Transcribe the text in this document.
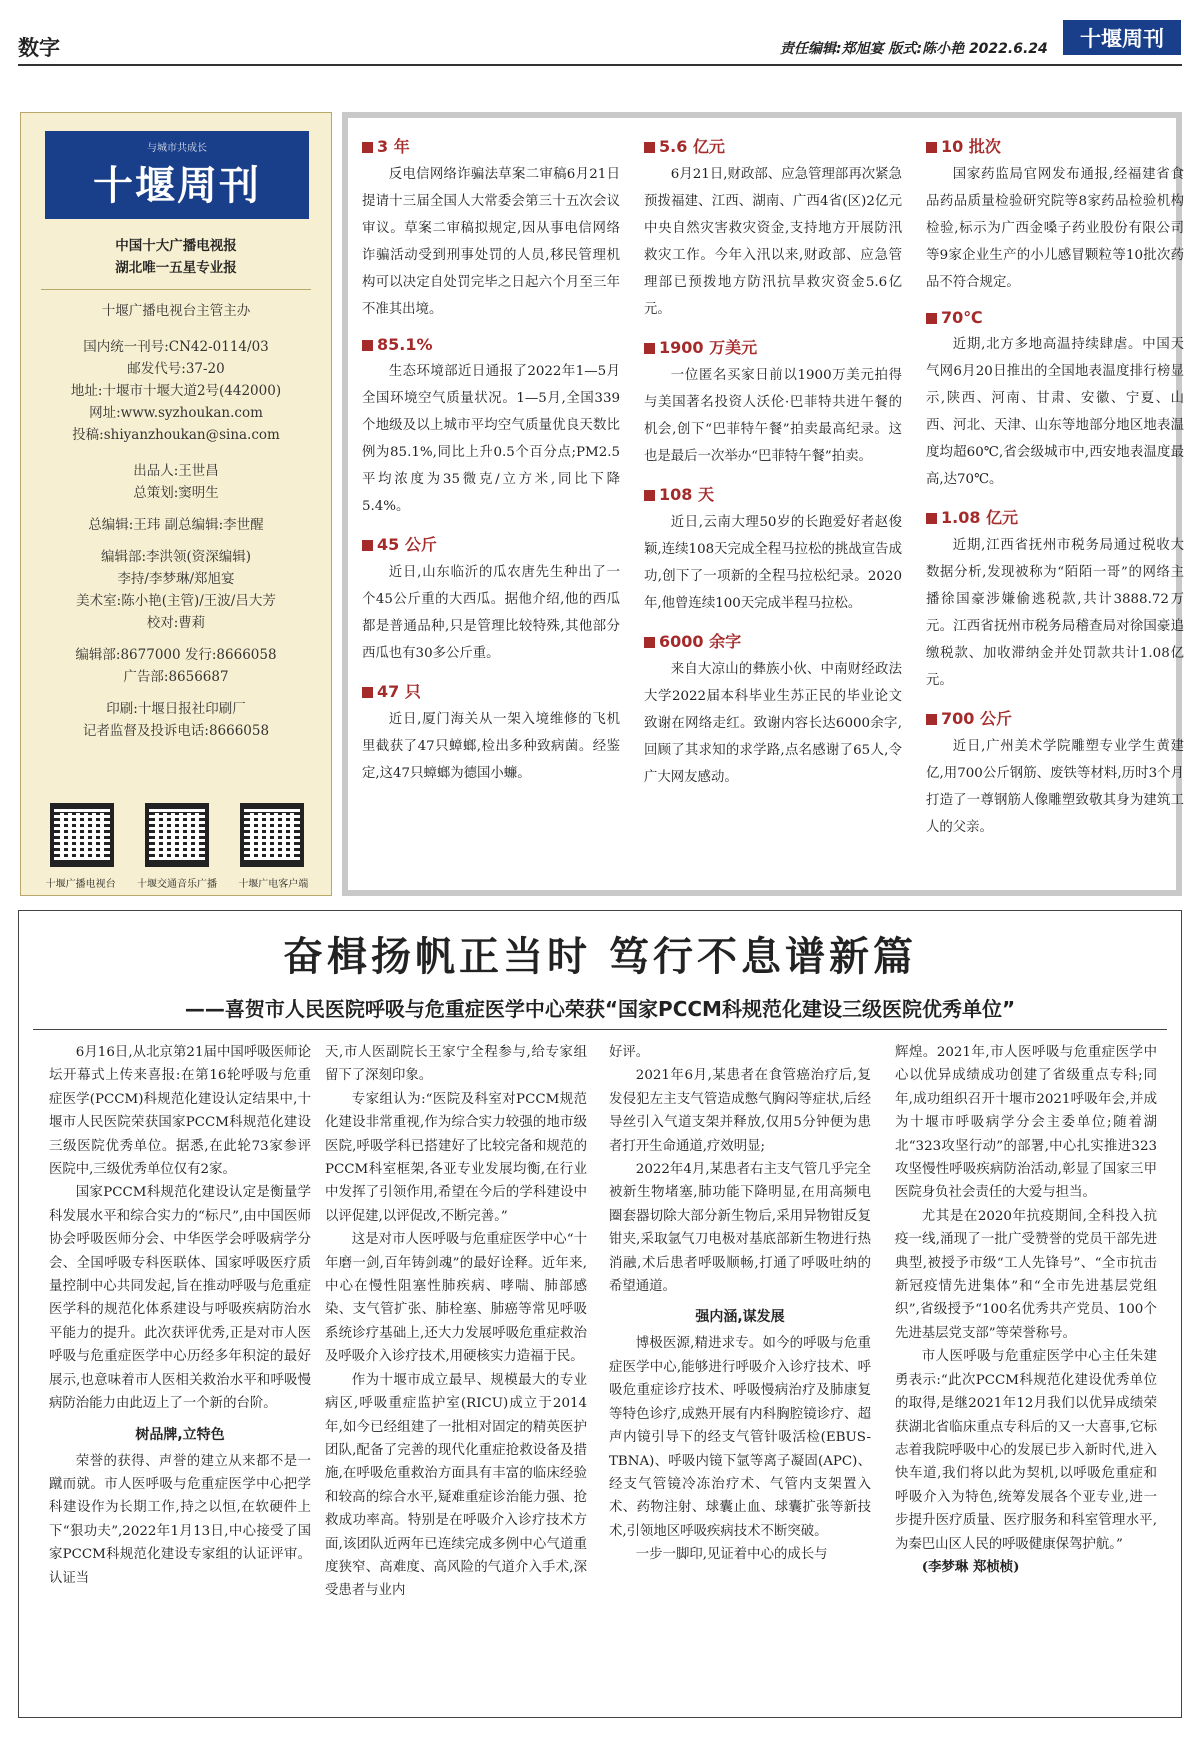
数字	责任编辑:郑旭宴 版式:陈小艳 2022.6.24	十堰周刊
与城市共成长
十堰周刊

中国十大广播电视报

湖北唯一五星专业报

十堰广播电视台主管主办

国内统一刊号:CN42-0114/03

邮发代号:37-20

地址:十堰市十堰大道2号(442000)

网址:www.syzhoukan.com

投稿:shiyanzhoukan@sina.com

出品人:王世昌

总策划:窦明生

总编辑:王玮 副总编辑:李世醒

编辑部:李洪领(资深编辑)

李持/李梦琳/郑旭宴

美术室:陈小艳(主管)/王波/吕大芳

校对:曹莉

编辑部:8677000 发行:8666058

广告部:8656687

印刷:十堰日报社印刷厂

记者监督及投诉电话:8666058

十堰广播电视台 十堰交通音乐广播 十堰广电客户端
3 年

反电信网络诈骗法草案二审稿6月21日提请十三届全国人大常委会第三十五次会议审议。草案二审稿拟规定,因从事电信网络诈骗活动受到刑事处罚的人员,移民管理机构可以决定自处罚完毕之日起六个月至三年不准其出境。

85.1%

生态环境部近日通报了2022年1—5月全国环境空气质量状况。1—5月,全国339个地级及以上城市平均空气质量优良天数比例为85.1%,同比上升0.5个百分点;PM2.5平均浓度为35微克/立方米,同比下降5.4%。

45 公斤

近日,山东临沂的瓜农唐先生种出了一个45公斤重的大西瓜。据他介绍,他的西瓜都是普通品种,只是管理比较特殊,其他部分西瓜也有30多公斤重。

47 只

近日,厦门海关从一架入境维修的飞机里截获了47只蟑螂,检出多种致病菌。经鉴定,这47只蟑螂为德国小蠊。

5.6 亿元

6月21日,财政部、应急管理部再次紧急预拨福建、江西、湖南、广西4省(区)2亿元中央自然灾害救灾资金,支持地方开展防汛救灾工作。今年入汛以来,财政部、应急管理部已预拨地方防汛抗旱救灾资金5.6亿元。

1900 万美元

一位匿名买家日前以1900万美元拍得与美国著名投资人沃伦·巴菲特共进午餐的机会,创下“巴菲特午餐”拍卖最高纪录。这也是最后一次举办“巴菲特午餐”拍卖。

108 天

近日,云南大理50岁的长跑爱好者赵俊颖,连续108天完成全程马拉松的挑战宣告成功,创下了一项新的全程马拉松纪录。2020年,他曾连续100天完成半程马拉松。

6000 余字

来自大凉山的彝族小伙、中南财经政法大学2022届本科毕业生苏正民的毕业论文致谢在网络走红。致谢内容长达6000余字,回顾了其求知的求学路,点名感谢了65人,令广大网友感动。

10 批次

国家药监局官网发布通报,经福建省食品药品质量检验研究院等8家药品检验机构检验,标示为广西金嗓子药业股份有限公司等9家企业生产的小儿感冒颗粒等10批次药品不符合规定。

70℃

近期,北方多地高温持续肆虐。中国天气网6月20日推出的全国地表温度排行榜显示,陕西、河南、甘肃、安徽、宁夏、山西、河北、天津、山东等地部分地区地表温度均超60℃,省会级城市中,西安地表温度最高,达70℃。

1.08 亿元

近期,江西省抚州市税务局通过税收大数据分析,发现被称为“陌陌一哥”的网络主播徐国豪涉嫌偷逃税款,共计3888.72万元。江西省抚州市税务局稽查局对徐国豪追缴税款、加收滞纳金并处罚款共计1.08亿元。

700 公斤

近日,广州美术学院雕塑专业学生黄建亿,用700公斤钢筋、废铁等材料,历时3个月打造了一尊钢筋人像雕塑致敬其身为建筑工人的父亲。

奋楫扬帆正当时 笃行不息谱新篇
——喜贺市人民医院呼吸与危重症医学中心荣获“国家PCCM科规范化建设三级医院优秀单位”

6月16日,从北京第21届中国呼吸医师论坛开幕式上传来喜报:在第16轮呼吸与危重症医学(PCCM)科规范化建设认定结果中,十堰市人民医院荣获国家PCCM科规范化建设三级医院优秀单位。据悉,在此轮73家参评医院中,三级优秀单位仅有2家。

国家PCCM科规范化建设认定是衡量学科发展水平和综合实力的“标尺”,由中国医师协会呼吸医师分会、中华医学会呼吸病学分会、全国呼吸专科医联体、国家呼吸医疗质量控制中心共同发起,旨在推动呼吸与危重症医学科的规范化体系建设与呼吸疾病防治水平能力的提升。此次获评优秀,正是对市人医呼吸与危重症医学中心历经多年积淀的最好展示,也意味着市人医相关救治水平和呼吸慢病防治能力由此迈上了一个新的台阶。

树品牌,立特色

荣誉的获得、声誉的建立从来都不是一蹴而就。市人医呼吸与危重症医学中心把学科建设作为长期工作,持之以恒,在软硬件上下“狠功夫”,2022年1月13日,中心接受了国家PCCM科规范化建设专家组的认证评审。认证当

天,市人医副院长王家宁全程参与,给专家组留下了深刻印象。

专家组认为:“医院及科室对PCCM规范化建设非常重视,作为综合实力较强的地市级医院,呼吸学科已搭建好了比较完备和规范的PCCM科室框架,各亚专业发展均衡,在行业中发挥了引领作用,希望在今后的学科建设中以评促建,以评促改,不断完善。”

这是对市人医呼吸与危重症医学中心“十年磨一剑,百年铸剑魂”的最好诠释。近年来,中心在慢性阻塞性肺疾病、哮喘、肺部感染、支气管扩张、肺栓塞、肺癌等常见呼吸系统诊疗基础上,还大力发展呼吸危重症救治及呼吸介入诊疗技术,用硬核实力造福于民。

作为十堰市成立最早、规模最大的专业病区,呼吸重症监护室(RICU)成立于2014年,如今已经组建了一批相对固定的精英医护团队,配备了完善的现代化重症抢救设备及措施,在呼吸危重救治方面具有丰富的临床经验和较高的综合水平,疑难重症诊治能力强、抢救成功率高。特别是在呼吸介入诊疗技术方面,该团队近两年已连续完成多例中心气道重度狭窄、高难度、高风险的气道介入手术,深受患者与业内

好评。

2021年6月,某患者在食管癌治疗后,复发侵犯左主支气管造成憋气胸闷等症状,后经导丝引入气道支架并释放,仅用5分钟便为患者打开生命通道,疗效明显;

2022年4月,某患者右主支气管几乎完全被新生物堵塞,肺功能下降明显,在用高频电圈套器切除大部分新生物后,采用异物钳反复钳夹,采取氩气刀电极对基底部新生物进行热消融,术后患者呼吸顺畅,打通了呼吸吐纳的希望通道。

强内涵,谋发展

博极医源,精进求专。如今的呼吸与危重症医学中心,能够进行呼吸介入诊疗技术、呼吸危重症诊疗技术、呼吸慢病治疗及肺康复等特色诊疗,成熟开展有内科胸腔镜诊疗、超声内镜引导下的经支气管针吸活检(EBUS-TBNA)、呼吸内镜下氩等离子凝固(APC)、经支气管镜冷冻治疗术、气管内支架置入术、药物注射、球囊止血、球囊扩张等新技术,引领地区呼吸疾病技术不断突破。

一步一脚印,见证着中心的成长与

辉煌。2021年,市人医呼吸与危重症医学中心以优异成绩成功创建了省级重点专科;同年,成功组织召开十堰市2021呼吸年会,并成为十堰市呼吸病学分会主委单位;随着湖北“323攻坚行动”的部署,中心扎实推进323攻坚慢性呼吸疾病防治活动,彰显了国家三甲医院身负社会责任的大爱与担当。

尤其是在2020年抗疫期间,全科投入抗疫一线,涌现了一批广受赞誉的党员干部先进典型,被授予市级“工人先锋号”、“全市抗击新冠疫情先进集体”和“全市先进基层党组织”,省级授予“100名优秀共产党员、100个先进基层党支部”等荣誉称号。

市人医呼吸与危重症医学中心主任朱建勇表示:“此次PCCM科规范化建设优秀单位的取得,是继2021年12月我们以优异成绩荣获湖北省临床重点专科后的又一大喜事,它标志着我院呼吸中心的发展已步入新时代,进入快车道,我们将以此为契机,以呼吸危重症和呼吸介入为特色,统筹发展各个亚专业,进一步提升医疗质量、医疗服务和科室管理水平,为秦巴山区人民的呼吸健康保驾护航。”

(李梦琳 郑桢桢)
